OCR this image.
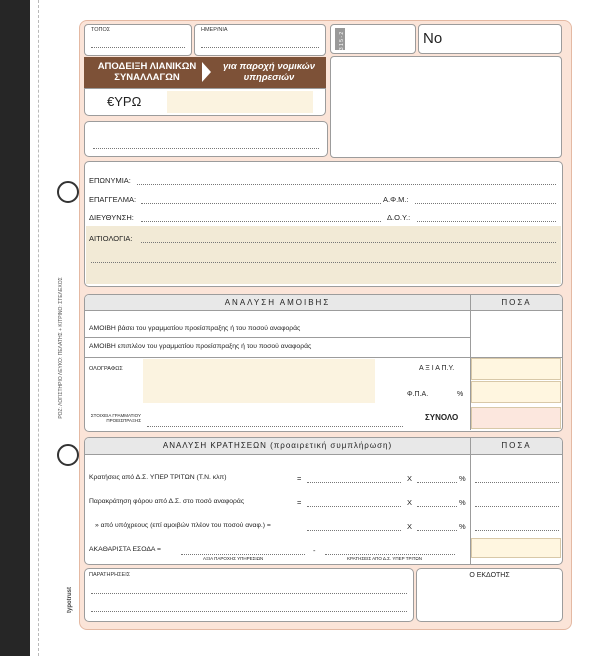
ΡΟΖ: ΛΟΓΙΣΤΗΡΙΟ ΛΕΥΚΟ: ΠΕΛΑΤΗΣ + ΚΙΤΡΙΝΟ: ΣΤΕΛΕΧΟΣ
typotrust
ΤΟΠΟΣ	ΗΜΕΡ/ΝΙΑ
ΑΠΟΔΕΙΞΗ ΛΙΑΝΙΚΩΝ ΣΥΝΑΛΛΑΓΩΝ
για παροχή νομικών υπηρεσιών
€ΥΡΩ
3 1 5 - 2	No
ΕΠΩΝΥΜΙΑ:
ΕΠΑΓΓΕΛΜΑ:	Α.Φ.Μ.:
ΔΙΕΥΘΥΝΣΗ:	Δ.Ο.Υ.:
ΑΙΤΙΟΛΟΓΙΑ:
ΑΝΑΛΥΣΗ ΑΜΟΙΒΗΣ	ΠΟΣΑ
ΑΜΟΙΒΗ βάσει του γραμματίου προείσπραξης ή του ποσού αναφοράς
ΑΜΟΙΒΗ επιπλέον του γραμματίου προείσπραξης ή του ποσού αναφοράς
ΟΛΟΓΡΑΦΩΣ	Α Ξ Ι Α Π.Υ.
Φ.Π.Α.	%
ΣΤΟΙΧΕΙΑ ΓΡΑΜΜΑΤΙΟΥ
ΠΡΟΕΙΣΠΡΑΞΗΣ	ΣΥΝΟΛΟ
ΑΝΑΛΥΣΗ ΚΡΑΤΗΣΕΩΝ (προαιρετική συμπλήρωση)	ΠΟΣΑ
Κρατήσεις από Δ.Σ. ΥΠΕΡ ΤΡΙΤΩΝ (Τ.Ν. κλπ)	=	Χ	%
Παρακράτηση φόρου από Δ.Σ. στο ποσό αναφοράς	=	Χ	%
» από υπόχρεους (επί αμοιβών πλέον του ποσού αναφ.) =	Χ	%
ΑΚΑΘΑΡΙΣΤΑ ΕΣΟΔΑ =	-
ΑΞΙΑ ΠΑΡΟΧΗΣ ΥΠΗΡΕΣΙΩΝ	ΚΡΑΤΗΣΕΙΣ ΑΠΟ Δ.Σ. ΥΠΕΡ ΤΡΙΤΩΝ
ΠΑΡΑΤΗΡΗΣΕΙΣ	Ο ΕΚΔΟΤΗΣ
